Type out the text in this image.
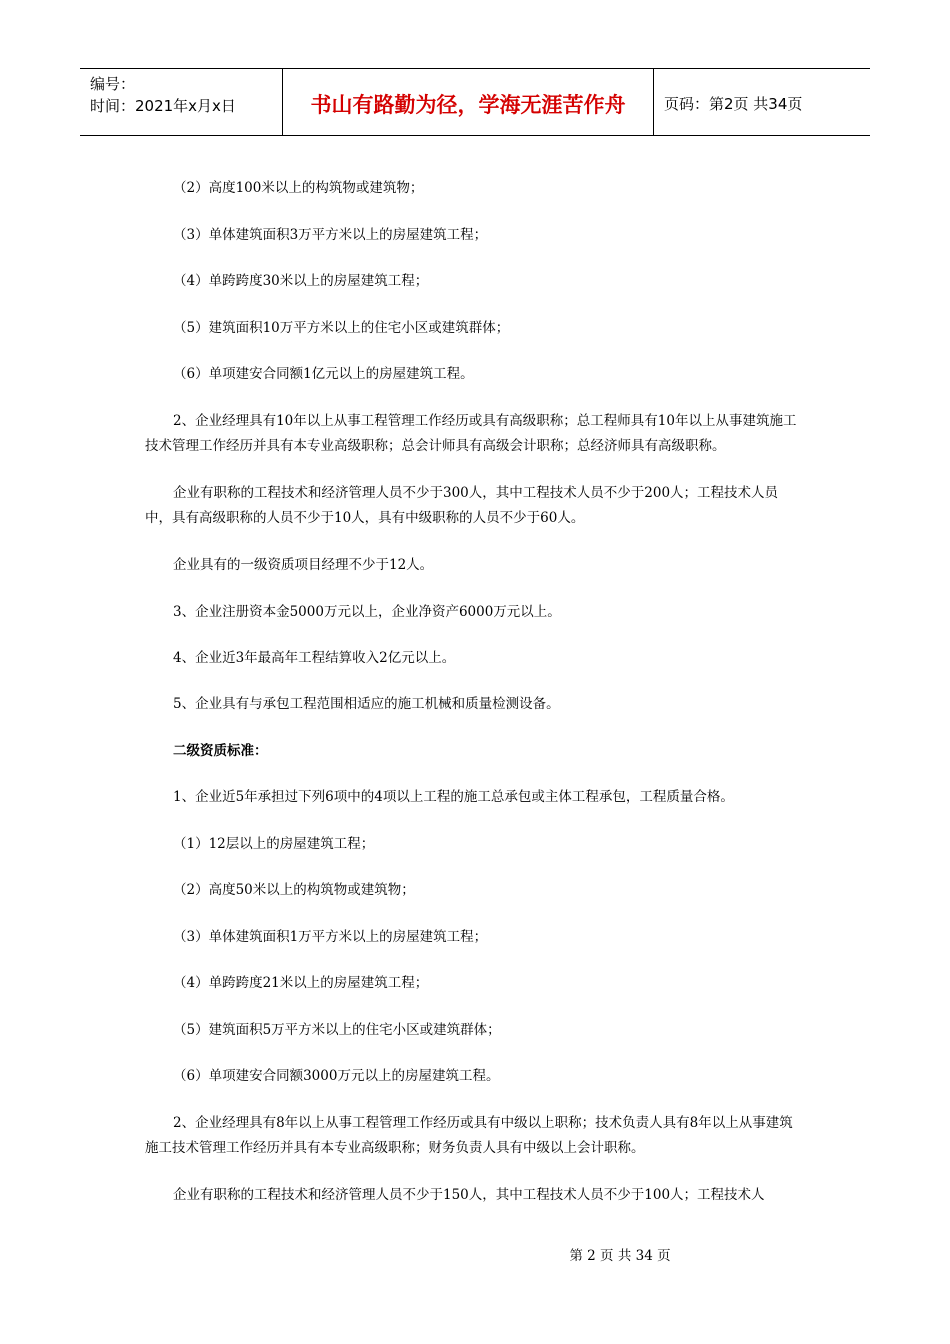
编号：
时间：2021年x月x日	书山有路勤为径，学海无涯苦作舟	页码：第2页 共34页
（2）高度100米以上的构筑物或建筑物；
（3）单体建筑面积3万平方米以上的房屋建筑工程；
（4）单跨跨度30米以上的房屋建筑工程；
（5）建筑面积10万平方米以上的住宅小区或建筑群体；
（6）单项建安合同额1亿元以上的房屋建筑工程。
2、企业经理具有10年以上从事工程管理工作经历或具有高级职称；总工程师具有10年以上从事建筑施工技术管理工作经历并具有本专业高级职称；总会计师具有高级会计职称；总经济师具有高级职称。
企业有职称的工程技术和经济管理人员不少于300人，其中工程技术人员不少于200人；工程技术人员中，具有高级职称的人员不少于10人，具有中级职称的人员不少于60人。
企业具有的一级资质项目经理不少于12人。
3、企业注册资本金5000万元以上，企业净资产6000万元以上。
4、企业近3年最高年工程结算收入2亿元以上。
5、企业具有与承包工程范围相适应的施工机械和质量检测设备。
二级资质标准：
1、企业近5年承担过下列6项中的4项以上工程的施工总承包或主体工程承包，工程质量合格。
（1）12层以上的房屋建筑工程；
（2）高度50米以上的构筑物或建筑物；
（3）单体建筑面积1万平方米以上的房屋建筑工程；
（4）单跨跨度21米以上的房屋建筑工程；
（5）建筑面积5万平方米以上的住宅小区或建筑群体；
（6）单项建安合同额3000万元以上的房屋建筑工程。
2、企业经理具有8年以上从事工程管理工作经历或具有中级以上职称；技术负责人具有8年以上从事建筑施工技术管理工作经历并具有本专业高级职称；财务负责人具有中级以上会计职称。
企业有职称的工程技术和经济管理人员不少于150人，其中工程技术人员不少于100人；工程技术人
第 2 页 共 34 页
